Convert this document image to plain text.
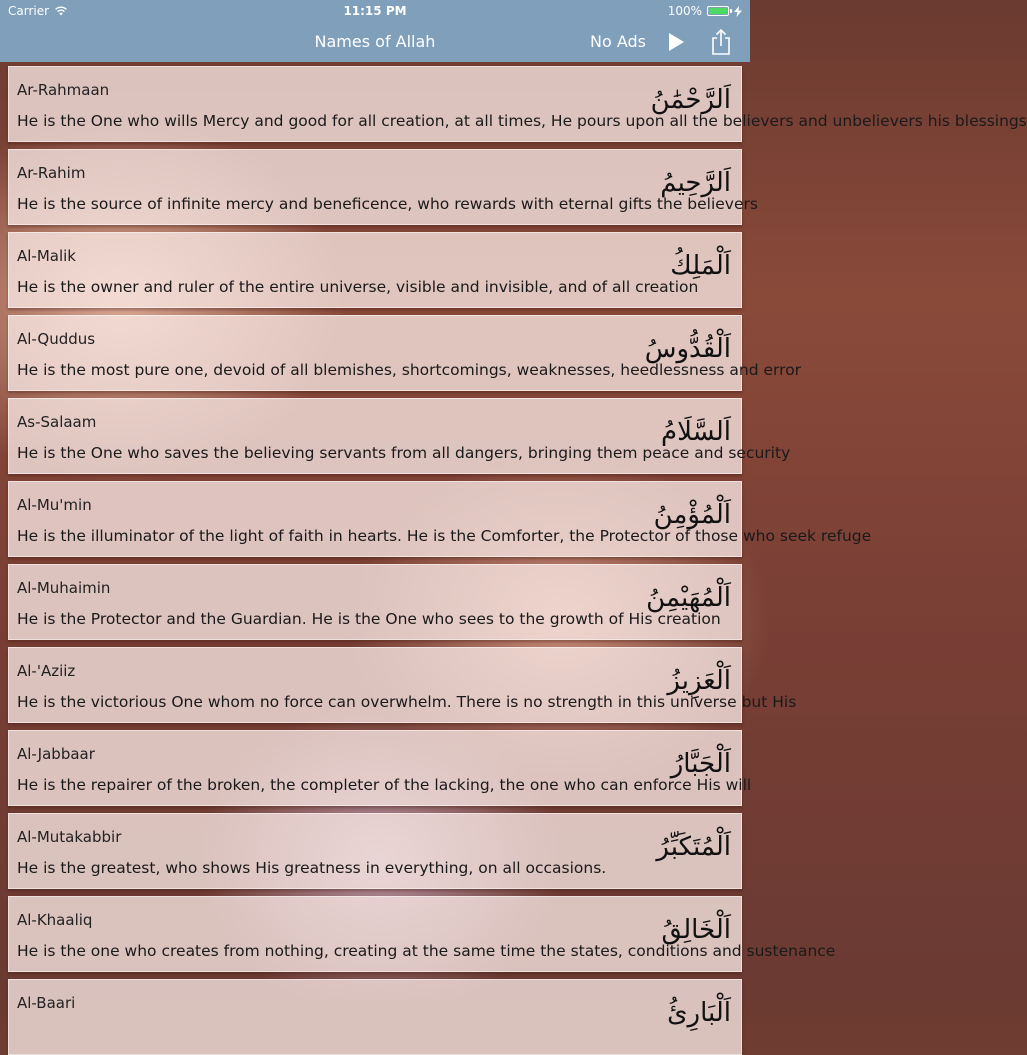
Carrier	11:15 PM	100%
Names of Allah	No Ads
Ar-Rahmaan
He is the One who wills Mercy and good for all creation, at all times, He pours upon all the believers and unbelievers his blessings
اَلرَّحْمَٰنُ
Ar-Rahim
He is the source of infinite mercy and beneficence, who rewards with eternal gifts the believers
اَلرَّحِيمُ
Al-Malik
He is the owner and ruler of the entire universe, visible and invisible, and of all creation
اَلْمَلِكُ
Al-Quddus
He is the most pure one, devoid of all blemishes, shortcomings, weaknesses, heedlessness and error
اَلْقُدُّوسُ
As-Salaam
He is the One who saves the believing servants from all dangers, bringing them peace and security
اَلسَّلَامُ
Al-Mu'min
He is the illuminator of the light of faith in hearts. He is the Comforter, the Protector of those who seek refuge
اَلْمُؤْمِنُ
Al-Muhaimin
He is the Protector and the Guardian. He is the One who sees to the growth of His creation
اَلْمُهَيْمِنُ
Al-'Aziiz
He is the victorious One whom no force can overwhelm. There is no strength in this universe but His
اَلْعَزِيزُ
Al-Jabbaar
He is the repairer of the broken, the completer of the lacking, the one who can enforce His will
اَلْجَبَّارُ
Al-Mutakabbir
He is the greatest, who shows His greatness in everything, on all occasions.
اَلْمُتَكَبِّرُ
Al-Khaaliq
He is the one who creates from nothing, creating at the same time the states, conditions and sustenance
اَلْخَالِقُ
Al-Baari	اَلْبَارِئُ
